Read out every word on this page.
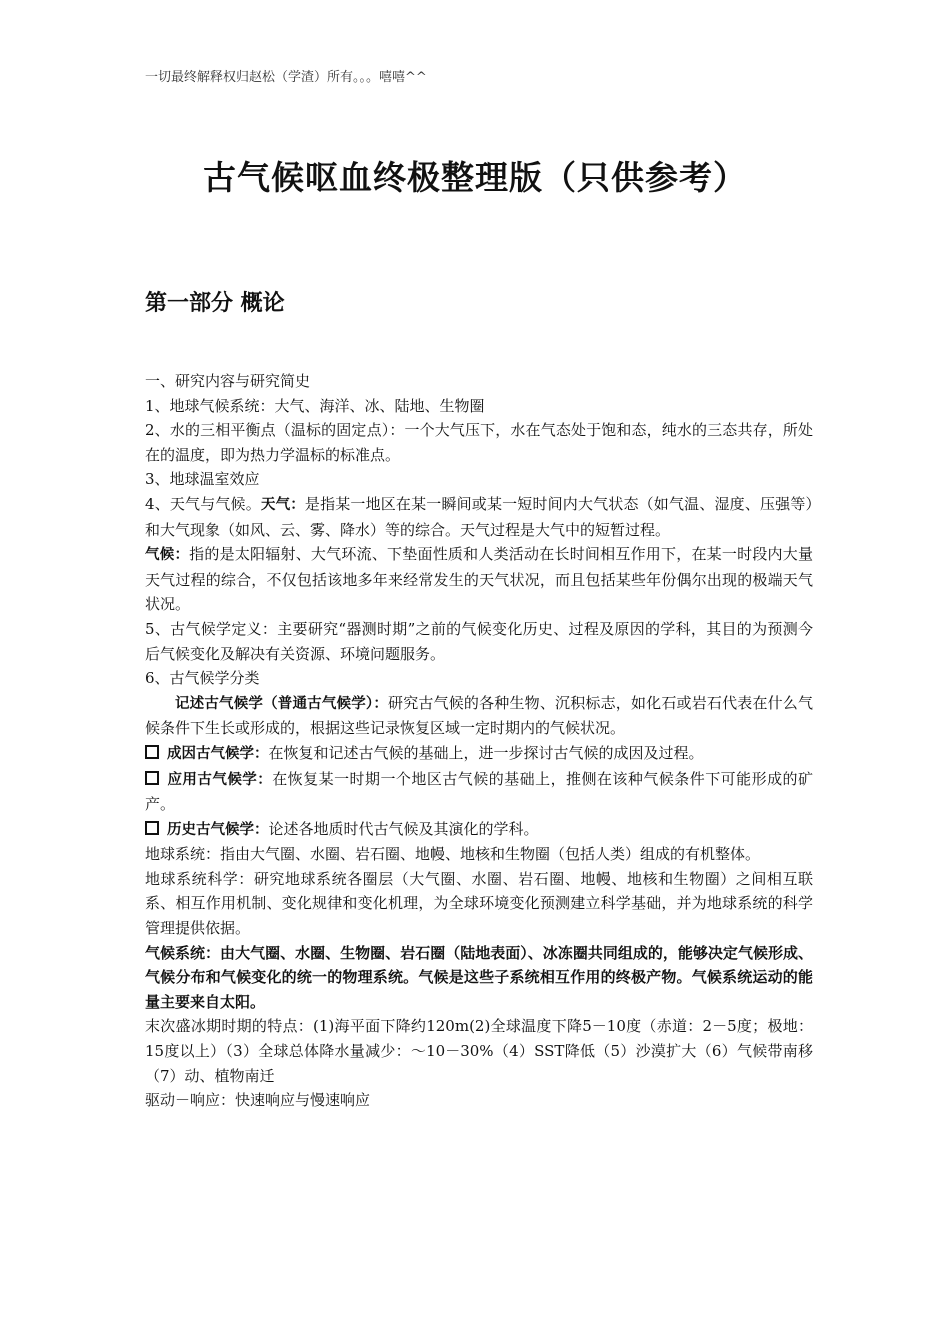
一切最终解释权归赵松（学渣）所有。。。嘻嘻^^
古气候呕血终极整理版（只供参考）
第一部分 概论

一、研究内容与研究简史

1、地球气候系统：大气、海洋、冰、陆地、生物圈

2、水的三相平衡点（温标的固定点）：一个大气压下，水在气态处于饱和态，纯水的三态共存，所处在的温度，即为热力学温标的标准点。

3、地球温室效应

4、天气与气候。天气：是指某一地区在某一瞬间或某一短时间内大气状态（如气温、湿度、压强等）和大气现象（如风、云、雾、降水）等的综合。天气过程是大气中的短暂过程。

气候：指的是太阳辐射、大气环流、下垫面性质和人类活动在长时间相互作用下，在某一时段内大量天气过程的综合，不仅包括该地多年来经常发生的天气状况，而且包括某些年份偶尔出现的极端天气状况。

5、古气候学定义：主要研究“器测时期”之前的气候变化历史、过程及原因的学科，其目的为预测今后气候变化及解决有关资源、环境问题服务。

6、古气候学分类

记述古气候学（普通古气候学）：研究古气候的各种生物、沉积标志，如化石或岩石代表在什么气候条件下生长或形成的，根据这些记录恢复区域一定时期内的气候状况。

成因古气候学：在恢复和记述古气候的基础上，进一步探讨古气候的成因及过程。

应用古气候学：在恢复某一时期一个地区古气候的基础上，推侧在该种气候条件下可能形成的矿产。

历史古气候学：论述各地质时代古气候及其演化的学科。

地球系统：指由大气圈、水圈、岩石圈、地幔、地核和生物圈（包括人类）组成的有机整体。

地球系统科学：研究地球系统各圈层（大气圈、水圈、岩石圈、地幔、地核和生物圈）之间相互联系、相互作用机制、变化规律和变化机理，为全球环境变化预测建立科学基础，并为地球系统的科学管理提供依据。

气候系统：由大气圈、水圈、生物圈、岩石圈（陆地表面）、冰冻圈共同组成的，能够决定气候形成、气候分布和气候变化的统一的物理系统。气候是这些子系统相互作用的终极产物。气候系统运动的能量主要来自太阳。

末次盛冰期时期的特点：(1)海平面下降约120m(2)全球温度下降5－10度（赤道：2－5度；极地：15度以上）（3）全球总体降水量减少：～10－30%（4）SST降低（5）沙漠扩大（6）气候带南移（7）动、植物南迁

驱动－响应：快速响应与慢速响应
